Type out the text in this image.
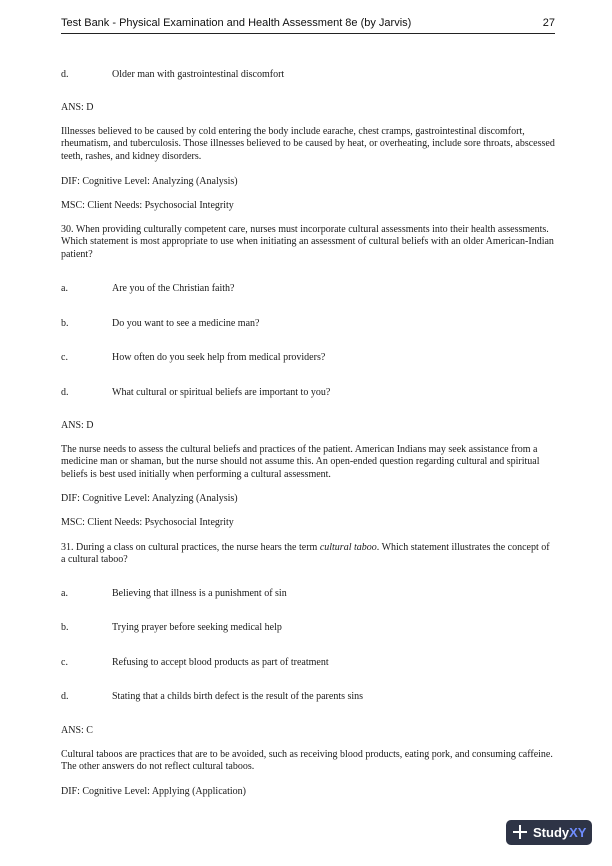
Test Bank - Physical Examination and Health Assessment 8e (by Jarvis)	27
d.	Older man with gastrointestinal discomfort
ANS: D
Illnesses believed to be caused by cold entering the body include earache, chest cramps, gastrointestinal discomfort, rheumatism, and tuberculosis. Those illnesses believed to be caused by heat, or overheating, include sore throats, abscessed teeth, rashes, and kidney disorders.
DIF: Cognitive Level: Analyzing (Analysis)
MSC: Client Needs: Psychosocial Integrity
30. When providing culturally competent care, nurses must incorporate cultural assessments into their health assessments. Which statement is most appropriate to use when initiating an assessment of cultural beliefs with an older American-Indian patient?
a.	Are you of the Christian faith?
b.	Do you want to see a medicine man?
c.	How often do you seek help from medical providers?
d.	What cultural or spiritual beliefs are important to you?
ANS: D
The nurse needs to assess the cultural beliefs and practices of the patient. American Indians may seek assistance from a medicine man or shaman, but the nurse should not assume this. An open-ended question regarding cultural and spiritual beliefs is best used initially when performing a cultural assessment.
DIF: Cognitive Level: Analyzing (Analysis)
MSC: Client Needs: Psychosocial Integrity
31. During a class on cultural practices, the nurse hears the term cultural taboo. Which statement illustrates the concept of a cultural taboo?
a.	Believing that illness is a punishment of sin
b.	Trying prayer before seeking medical help
c.	Refusing to accept blood products as part of treatment
d.	Stating that a childs birth defect is the result of the parents sins
ANS: C
Cultural taboos are practices that are to be avoided, such as receiving blood products, eating pork, and consuming caffeine. The other answers do not reflect cultural taboos.
DIF: Cognitive Level: Applying (Application)
StudyXY
